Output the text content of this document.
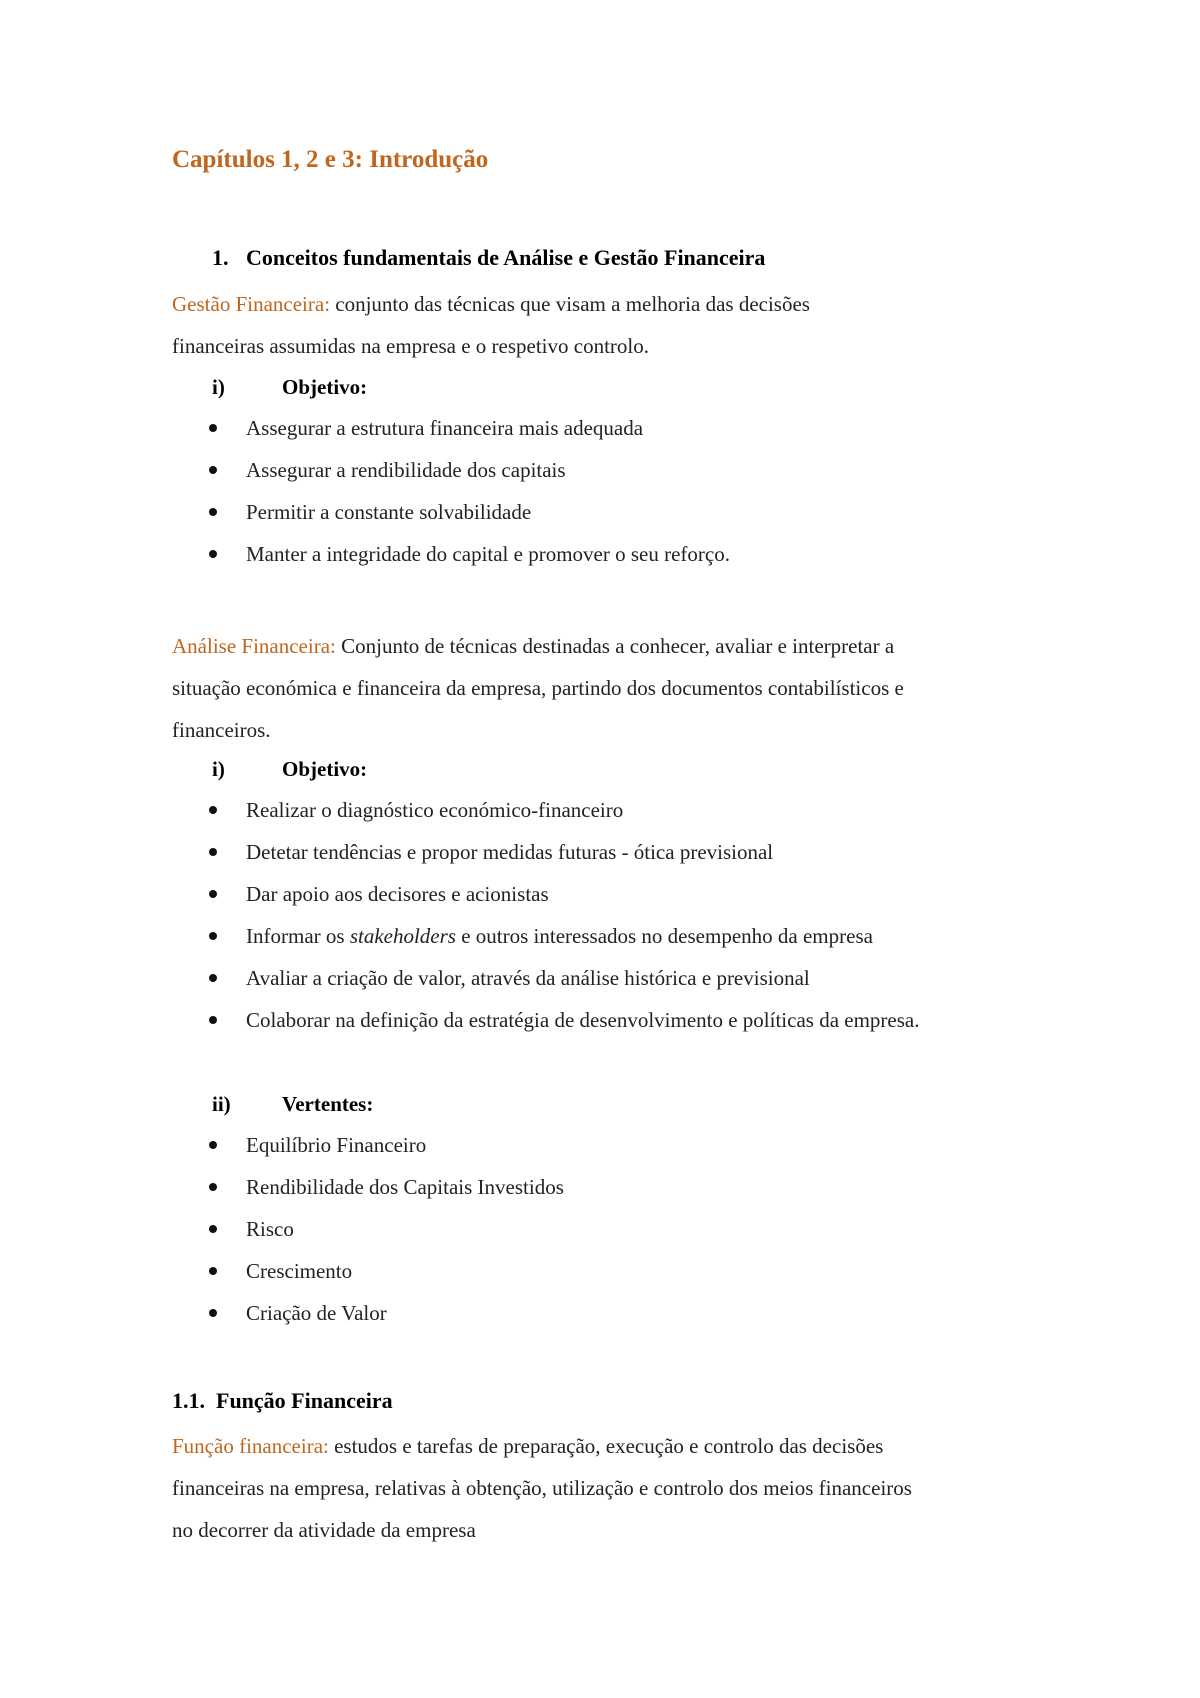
Capítulos 1, 2 e 3: Introdução
1. Conceitos fundamentais de Análise e Gestão Financeira
Gestão Financeira: conjunto das técnicas que visam a melhoria das decisões
financeiras assumidas na empresa e o respetivo controlo.
i)	Objetivo:
Assegurar a estrutura financeira mais adequada
Assegurar a rendibilidade dos capitais
Permitir a constante solvabilidade
Manter a integridade do capital e promover o seu reforço.
Análise Financeira: Conjunto de técnicas destinadas a conhecer, avaliar e interpretar a
situação económica e financeira da empresa, partindo dos documentos contabilísticos e
financeiros.
i)	Objetivo:
Realizar o diagnóstico económico-financeiro
Detetar tendências e propor medidas futuras - ótica previsional
Dar apoio aos decisores e acionistas
Informar os stakeholders e outros interessados no desempenho da empresa
Avaliar a criação de valor, através da análise histórica e previsional
Colaborar na definição da estratégia de desenvolvimento e políticas da empresa.
ii) Vertentes:
Equilíbrio Financeiro
Rendibilidade dos Capitais Investidos
Risco
Crescimento
Criação de Valor
1.1. Função Financeira
Função financeira: estudos e tarefas de preparação, execução e controlo das decisões
financeiras na empresa, relativas à obtenção, utilização e controlo dos meios financeiros
no decorrer da atividade da empresa
